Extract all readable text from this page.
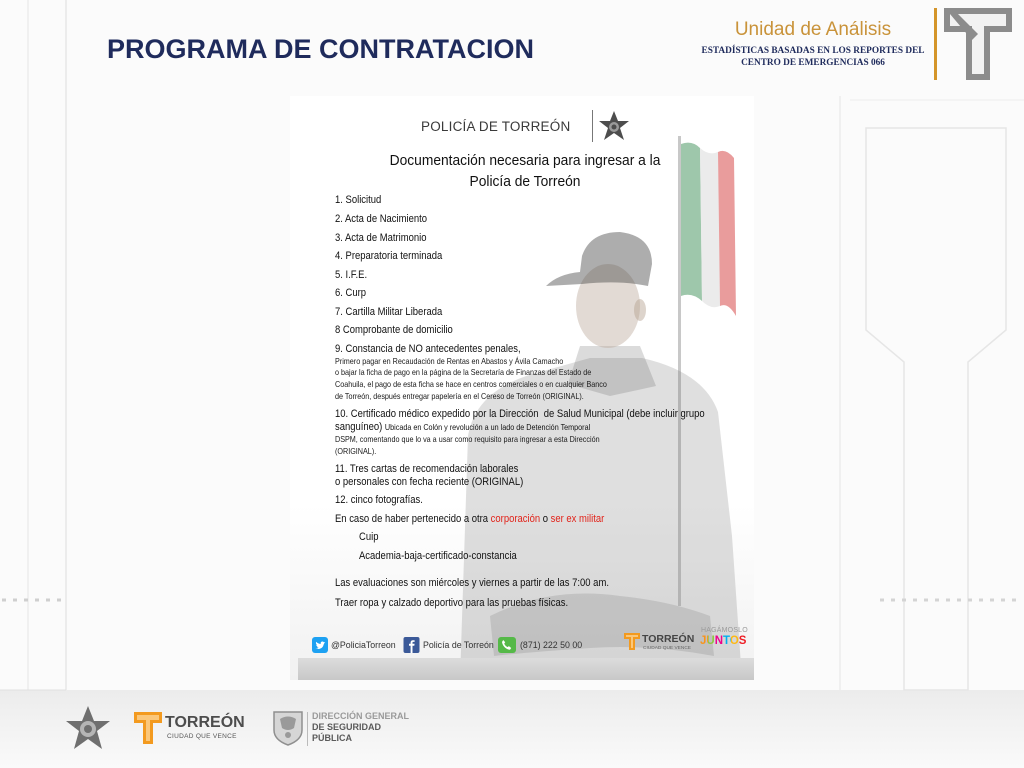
PROGRAMA DE CONTRATACION
Unidad de Análisis
ESTADÍSTICAS BASADAS EN LOS REPORTES DEL
CENTRO DE EMERGENCIAS 066
POLICÍA DE TORREÓN
Documentación necesaria para ingresar a la
Policía de Torreón
1. Solicitud
2. Acta de Nacimiento
3. Acta de Matrimonio
4. Preparatoria terminada
5. I.F.E.
6. Curp
7. Cartilla Militar Liberada
8 Comprobante de domicilio
9. Constancia de NO antecedentes penales,
Primero pagar en Recaudación de Rentas en Abastos y Ávila Camacho
o bajar la ficha de pago en la página de la Secretaría de Finanzas del Estado de
Coahuila, el pago de esta ficha se hace en centros comerciales o en cualquier Banco
de Torreón, después entregar papelería en el Cereso de Torreón (ORIGINAL).
10. Certificado médico expedido por la Dirección  de Salud Municipal (debe incluir grupo
sanguíneo) Ubicada en Colón y revolución a un lado de Detención Temporal
DSPM, comentando que lo va a usar como requisito para ingresar a esta Dirección
(ORIGINAL).
11. Tres cartas de recomendación laborales
o personales con fecha reciente (ORIGINAL)
12. cinco fotografías.
En caso de haber pertenecido a otra corporación o ser ex militar
Cuip
Academia-baja-certificado-constancia
Las evaluaciones son miércoles y viernes a partir de las 7:00 am.
Traer ropa y calzado deportivo para las pruebas físicas.
@PoliciaTorreon	Policía de Torreón	(871) 222 50 00	TORREÓN
CIUDAD QUE VENCE
HAGÁMOSLO
JUNTOS
TORREÓN
CIUDAD QUE VENCE
DIRECCIÓN GENERAL
DE SEGURIDAD
PÚBLICA
